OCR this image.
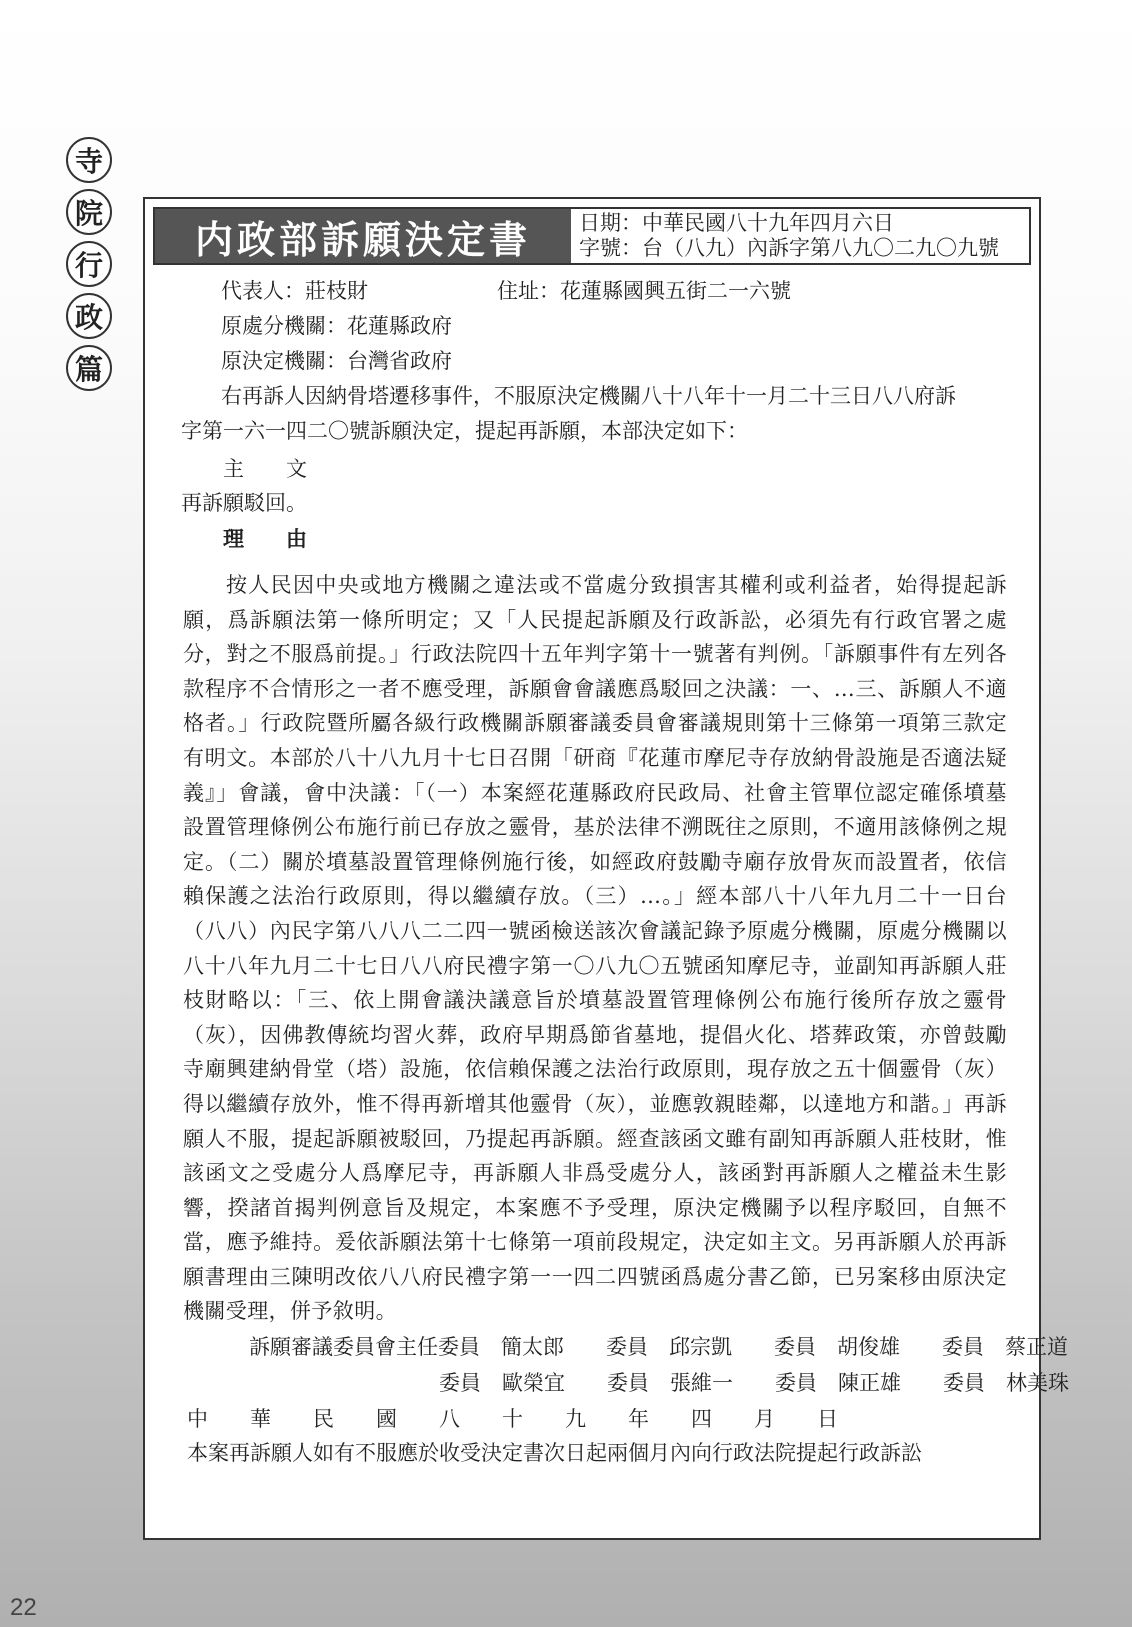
寺
院
行
政
篇
内政部訴願決定書	日期：中華民國八十九年四月六日
字號：台（八九）內訴字第八九〇二九〇九號
代表人：莊枝財	住址：花蓮縣國興五街二一六號
原處分機關：花蓮縣政府
原決定機關：台灣省政府
右再訴人因納骨塔遷移事件，不服原決定機關八十八年十一月二十三日八八府訴
字第一六一四二〇號訴願決定，提起再訴願，本部決定如下：
主　　文
再訴願駁回。
理　　由
按人民因中央或地方機關之違法或不當處分致損害其權利或利益者，始得提起訴願，爲訴願法第一條所明定；又「人民提起訴願及行政訴訟，必須先有行政官署之處分，對之不服爲前提。」行政法院四十五年判字第十一號著有判例。「訴願事件有左列各款程序不合情形之一者不應受理，訴願會會議應爲駁回之決議：一、…三、訴願人不適格者。」行政院暨所屬各級行政機關訴願審議委員會審議規則第十三條第一項第三款定有明文。本部於八十八九月十七日召開「研商『花蓮市摩尼寺存放納骨設施是否適法疑義』」會議，會中決議：「（一）本案經花蓮縣政府民政局、社會主管單位認定確係墳墓設置管理條例公布施行前已存放之靈骨，基於法律不溯既往之原則，不適用該條例之規定。（二）關於墳墓設置管理條例施行後，如經政府鼓勵寺廟存放骨灰而設置者，依信賴保護之法治行政原則，得以繼續存放。（三）…。」經本部八十八年九月二十一日台（八八）內民字第八八八二二四一號函檢送該次會議記錄予原處分機關，原處分機關以八十八年九月二十七日八八府民禮字第一〇八九〇五號函知摩尼寺，並副知再訴願人莊枝財略以：「三、依上開會議決議意旨於墳墓設置管理條例公布施行後所存放之靈骨（灰），因佛教傳統均習火葬，政府早期爲節省墓地，提倡火化、塔葬政策，亦曾鼓勵寺廟興建納骨堂（塔）設施，依信賴保護之法治行政原則，現存放之五十個靈骨（灰）得以繼續存放外，惟不得再新增其他靈骨（灰），並應敦親睦鄰，以達地方和諧。」再訴願人不服，提起訴願被駁回，乃提起再訴願。經查該函文雖有副知再訴願人莊枝財，惟該函文之受處分人爲摩尼寺，再訴願人非爲受處分人，該函對再訴願人之權益未生影響，揆諸首揭判例意旨及規定，本案應不予受理，原決定機關予以程序駁回，自無不當，應予維持。爰依訴願法第十七條第一項前段規定，決定如主文。另再訴願人於再訴願書理由三陳明改依八八府民禮字第一一四二四號函爲處分書乙節，已另案移由原決定機關受理，併予敘明。
訴願審議委員會主任委員　簡太郎　　委員　邱宗凱　　委員　胡俊雄　　委員　蔡正道
委員　歐榮宜　　委員　張維一　　委員　陳正雄　　委員　林美珠
中　　華　　民　　國　　八　　十　　九　　年　　四　　月　　日
本案再訴願人如有不服應於收受決定書次日起兩個月內向行政法院提起行政訴訟
22
